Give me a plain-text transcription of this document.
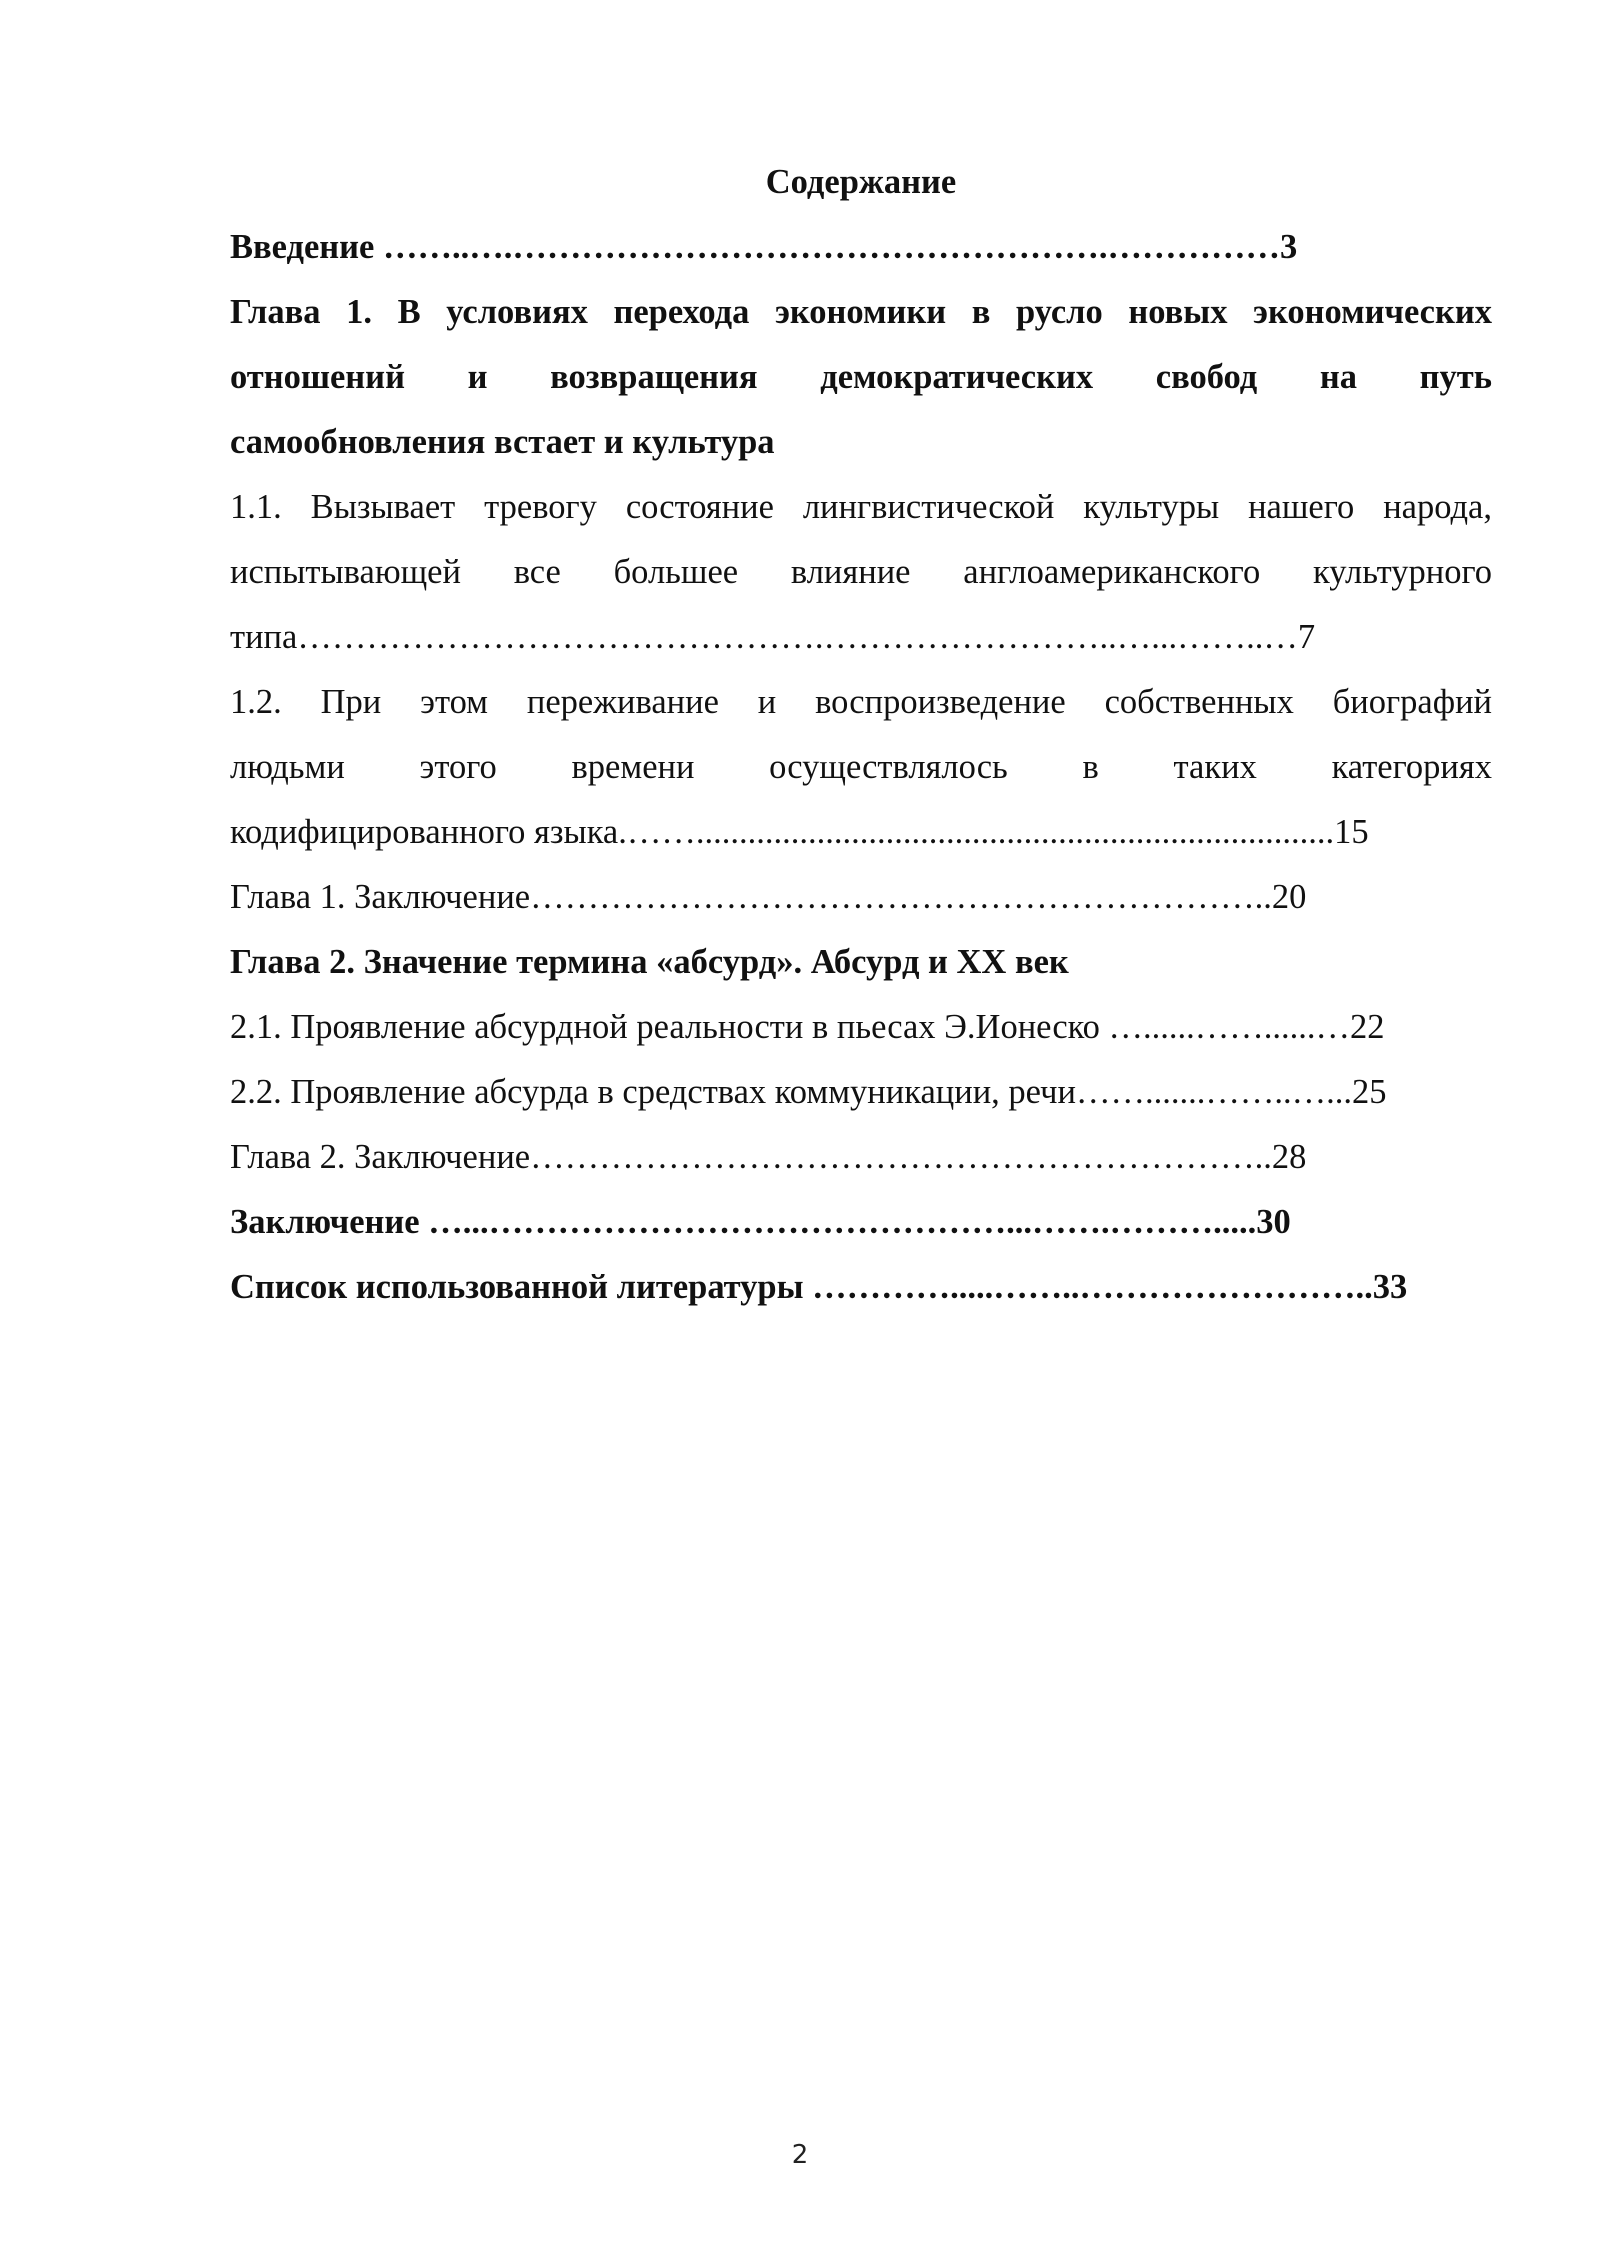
Содержание

Введение ……..….…………………………………………….……………3

Глава 1. В условиях перехода экономики в русло новых экономических
отношений и возвращения демократических свобод на путь
самообновления встает и культура
1.1. Вызывает тревогу состояние лингвистической культуры нашего народа,
испытывающей все большее влияние англоамериканского культурного
типа……………………………………….……………………..…...……..…7
1.2. При этом переживание и воспроизведение собственных биографий
людьми этого времени осуществлялось в таких категориях
кодифицированного языка.……..........................................................................15

Глава 1. Заключение………………………………………………………..20

Глава 2. Значение термина «абсурд». Абсурд и XX век

2.1. Проявление абсурдной реальности в пьесах Э.Ионеско …......……......…22

2.2. Проявление абсурда в средствах коммуникации, речи…….......……..…...25

Глава 2. Заключение………………………………………………………..28

Заключение …...………………………………………...…….……….....30

Список использованной литературы ………….....……..……………………..33

2
